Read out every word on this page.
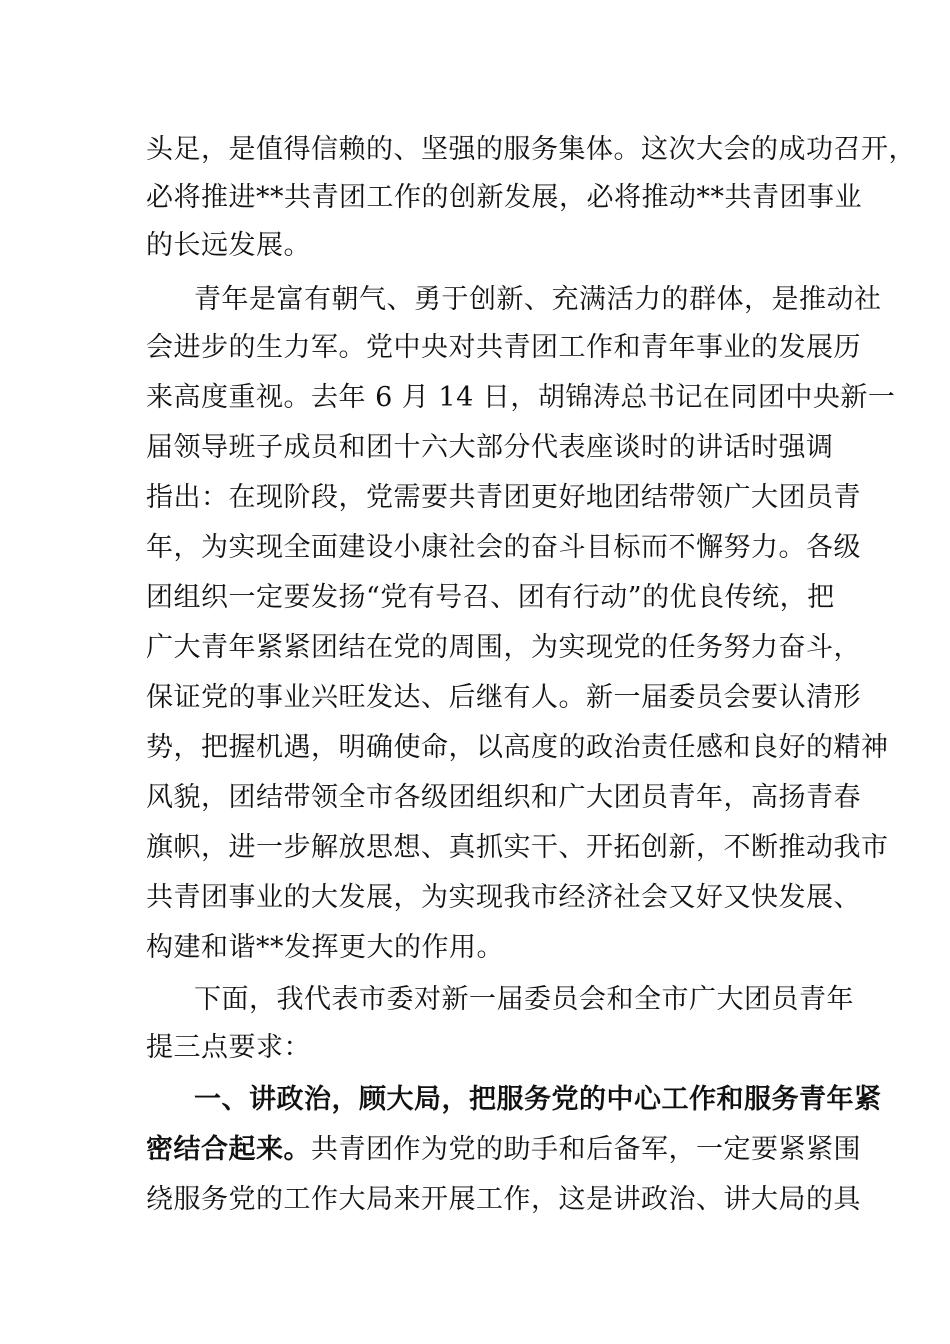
头足，是值得信赖的、坚强的服务集体。这次大会的成功召开，
必将推进**共青团工作的创新发展，必将推动**共青团事业
的长远发展。
青年是富有朝气、勇于创新、充满活力的群体，是推动社
会进步的生力军。党中央对共青团工作和青年事业的发展历
来高度重视。去年 6 月 14 日，胡锦涛总书记在同团中央新一
届领导班子成员和团十六大部分代表座谈时的讲话时强调
指出：在现阶段，党需要共青团更好地团结带领广大团员青
年，为实现全面建设小康社会的奋斗目标而不懈努力。各级
团组织一定要发扬“党有号召、团有行动”的优良传统，把
广大青年紧紧团结在党的周围，为实现党的任务努力奋斗，
保证党的事业兴旺发达、后继有人。新一届委员会要认清形
势，把握机遇，明确使命，以高度的政治责任感和良好的精神
风貌，团结带领全市各级团组织和广大团员青年，高扬青春
旗帜，进一步解放思想、真抓实干、开拓创新，不断推动我市
共青团事业的大发展，为实现我市经济社会又好又快发展、
构建和谐**发挥更大的作用。
下面，我代表市委对新一届委员会和全市广大团员青年
提三点要求：
一、讲政治，顾大局，把服务党的中心工作和服务青年紧
密结合起来。共青团作为党的助手和后备军，一定要紧紧围
绕服务党的工作大局来开展工作，这是讲政治、讲大局的具
